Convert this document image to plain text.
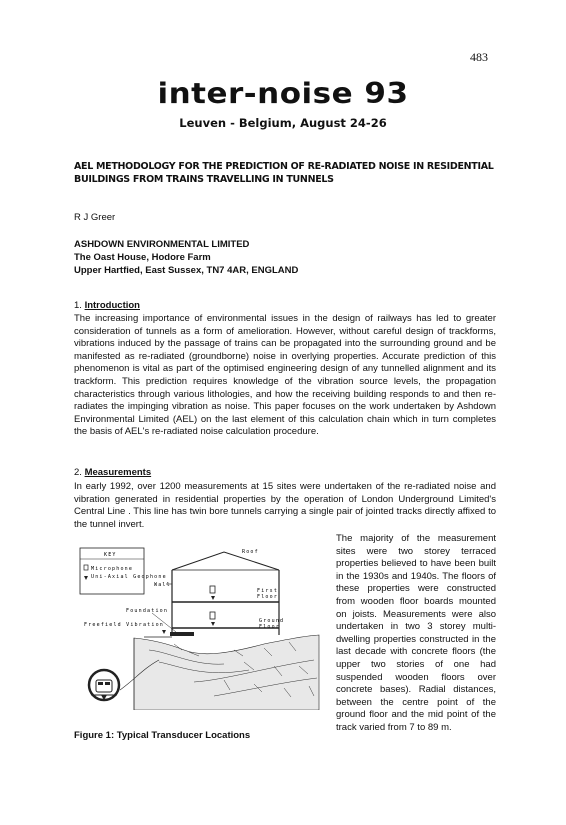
483
inter-noise 93
Leuven - Belgium, August 24-26
AEL METHODOLOGY FOR THE PREDICTION OF RE-RADIATED NOISE IN RESIDENTIAL BUILDINGS FROM TRAINS TRAVELLING IN TUNNELS
R J Greer
ASHDOWN ENVIRONMENTAL LIMITED
The Oast House, Hodore Farm
Upper Hartfied, East Sussex, TN7 4AR, ENGLAND
1. Introduction
The increasing importance of environmental issues in the design of railways has led to greater consideration of tunnels as a form of amelioration. However, without careful design of trackforms, vibrations induced by the passage of trains can be propagated into the surrounding ground and be manifested as re-radiated (groundborne) noise in overlying properties. Accurate prediction of this phenomenon is vital as part of the optimised engineering design of any tunnelled alignment and its trackform. This prediction requires knowledge of the vibration source levels, the propagation characteristics through various lithologies, and how the receiving building responds to and then re-radiates the impinging vibration as noise. This paper focuses on the work undertaken by Ashdown Environmental Limited (AEL) on the last element of this calculation chain which in turn completes the basis of AEL's re-radiated noise calculation procedure.
2. Measurements
In early 1992, over 1200 measurements at 15 sites were undertaken of the re-radiated noise and vibration generated in residential properties by the operation of London Underground Limited's Central Line . This line has twin bore tunnels carrying a single pair of jointed tracks directly affixed to the tunnel invert.
The majority of the measurement sites were two storey terraced properties believed to have been built in the 1930s and 1940s. The floors of these properties were constructed from wooden floor boards mounted on joists. Measurements were also undertaken in two 3 storey multi-dwelling properties constructed in the last decade with concrete floors (the upper two stories of one had suspended wooden floors over concrete bases). Radial distances, between the centre point of the ground floor and the mid point of the track varied from 7 to 89 m.
KEY
Microphone
Uni-Axial Geophone
Roof
Wall
First
Floor
Ground
Floor
Foundation
Freefield Vibration
Figure 1: Typical Transducer Locations
